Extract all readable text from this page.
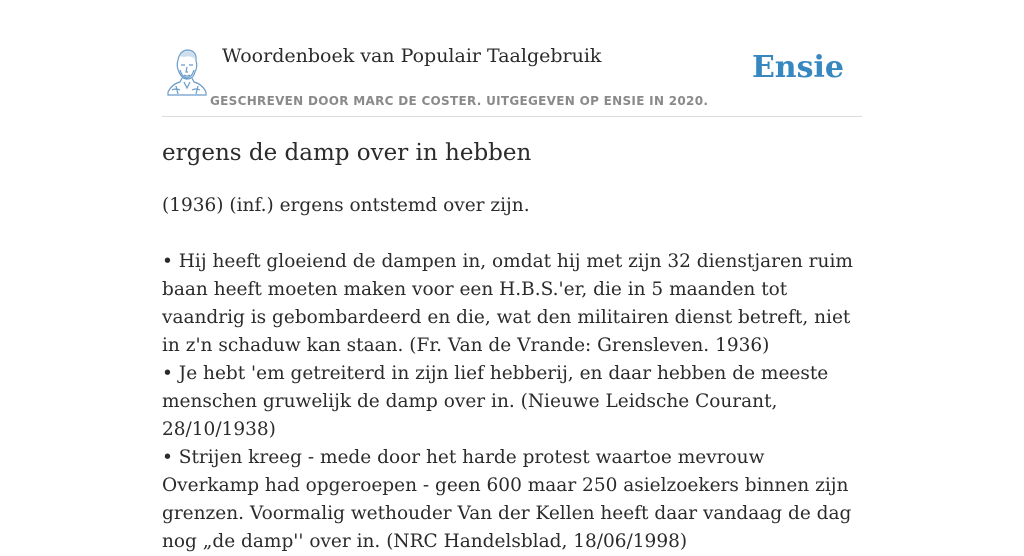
Woordenboek van Populair Taalgebruik
GESCHREVEN DOOR MARC DE COSTER. UITGEGEVEN OP ENSIE IN 2020.
Ensie
ergens de damp over in hebben

(1936) (inf.) ergens ontstemd over zijn.

• Hij heeft gloeiend de dampen in, omdat hij met zijn 32 dienstjaren ruim baan heeft moeten maken voor een H.B.S.'er, die in 5 maanden tot vaandrig is gebombardeerd en die, wat den militairen dienst betreft, niet in z'n schaduw kan staan. (Fr. Van de Vrande: Grensleven. 1936)

• Je hebt 'em getreiterd in zijn lief hebberij, en daar hebben de meeste menschen gruwelijk de damp over in. (Nieuwe Leidsche Courant, 28/10/1938)

• Strijen kreeg - mede door het harde protest waartoe mevrouw Overkamp had opgeroepen - geen 600 maar 250 asielzoekers binnen zijn grenzen. Voormalig wethouder Van der Kellen heeft daar vandaag de dag nog „de damp'' over in. (NRC Handelsblad, 18/06/1998)
